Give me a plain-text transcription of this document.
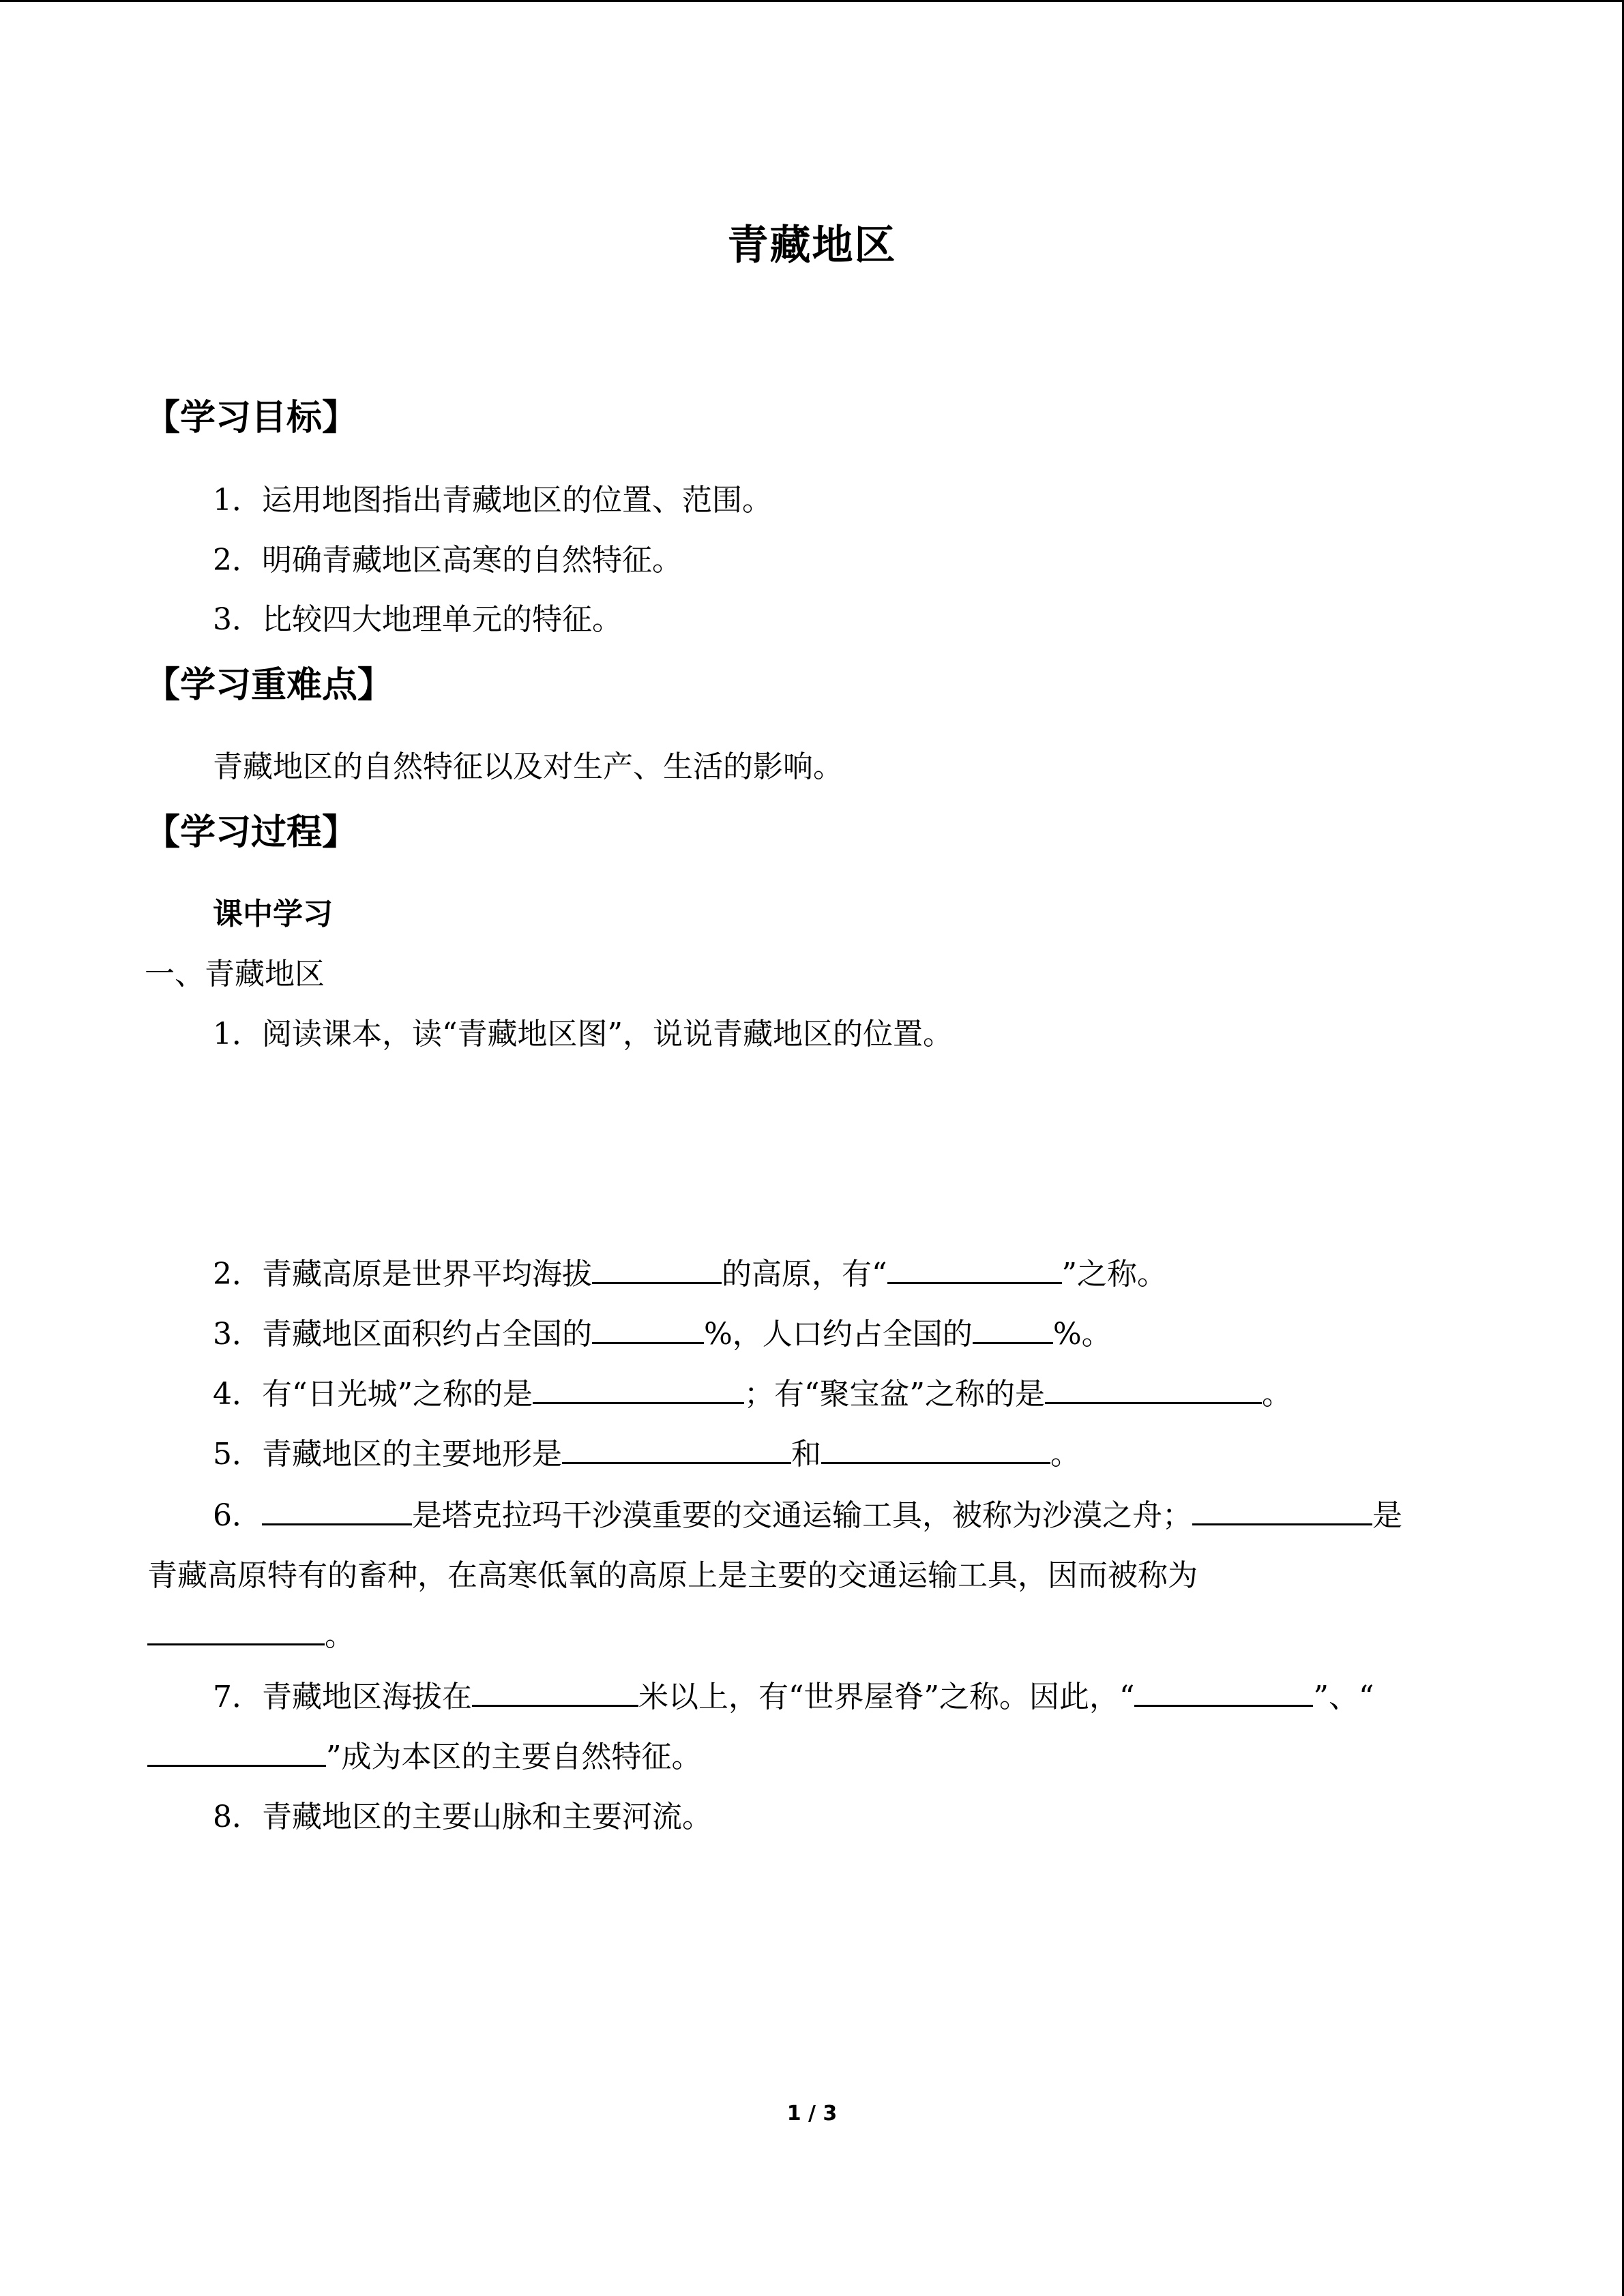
青藏地区
【学习目标】
1．运用地图指出青藏地区的位置、范围。
2．明确青藏地区高寒的自然特征。
3．比较四大地理单元的特征。
【学习重难点】
青藏地区的自然特征以及对生产、生活的影响。
【学习过程】
课中学习
一、青藏地区
1．阅读课本，读“青藏地区图”，说说青藏地区的位置。
2．青藏高原是世界平均海拔	的高原，有“	”之称。
3．青藏地区面积约占全国的	%，人口约占全国的	%。
4．有“日光城”之称的是	；有“聚宝盆”之称的是	。
5．青藏地区的主要地形是	和	。
6．	是塔克拉玛干沙漠重要的交通运输工具，被称为沙漠之舟；	是
青藏高原特有的畜种，在高寒低氧的高原上是主要的交通运输工具，因而被称为
。
7．青藏地区海拔在	米以上，有“世界屋脊”之称。因此，“	”、“
”成为本区的主要自然特征。
8．青藏地区的主要山脉和主要河流。
1 / 3
